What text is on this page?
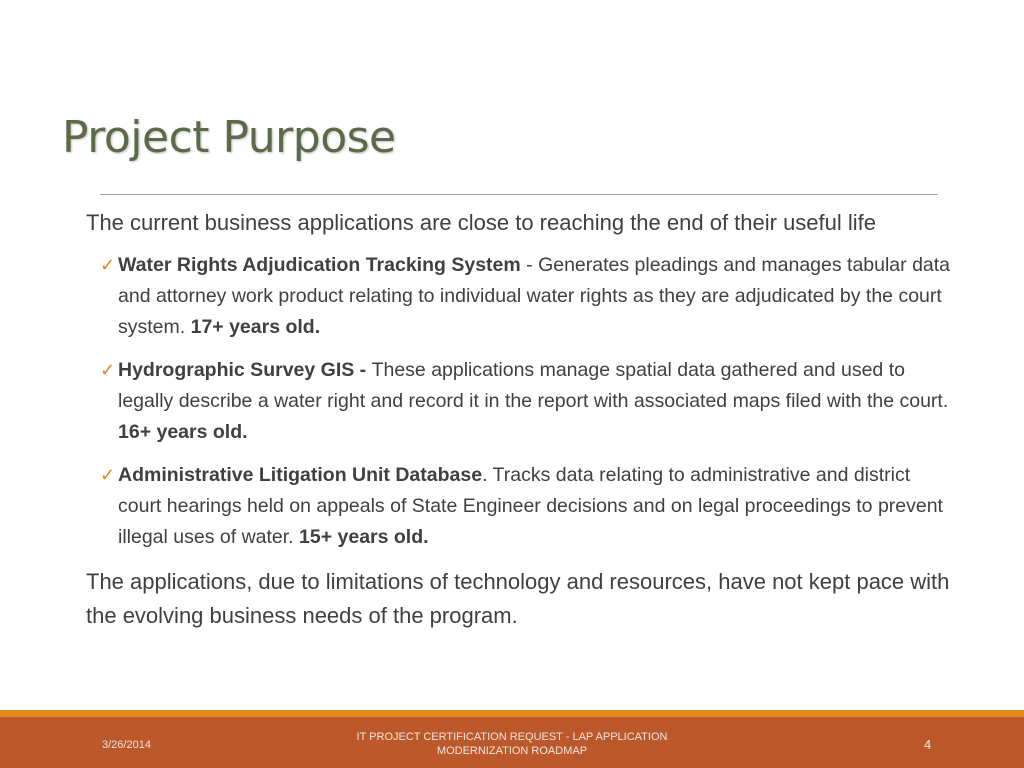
Project Purpose

The current business applications are close to reaching the end of their useful life

✓ Water Rights Adjudication Tracking System - Generates pleadings and manages tabular data and attorney work product relating to individual water rights as they are adjudicated by the court system. 17+ years old.
✓ Hydrographic Survey GIS - These applications manage spatial data gathered and used to legally describe a water right and record it in the report with associated maps filed with the court. 16+ years old.
✓ Administrative Litigation Unit Database. Tracks data relating to administrative and district court hearings held on appeals of State Engineer decisions and on legal proceedings to prevent illegal uses of water. 15+ years old.

The applications, due to limitations of technology and resources, have not kept pace with the evolving business needs of the program.

3/26/2014
IT PROJECT CERTIFICATION REQUEST - LAP APPLICATION
MODERNIZATION ROADMAP	4
